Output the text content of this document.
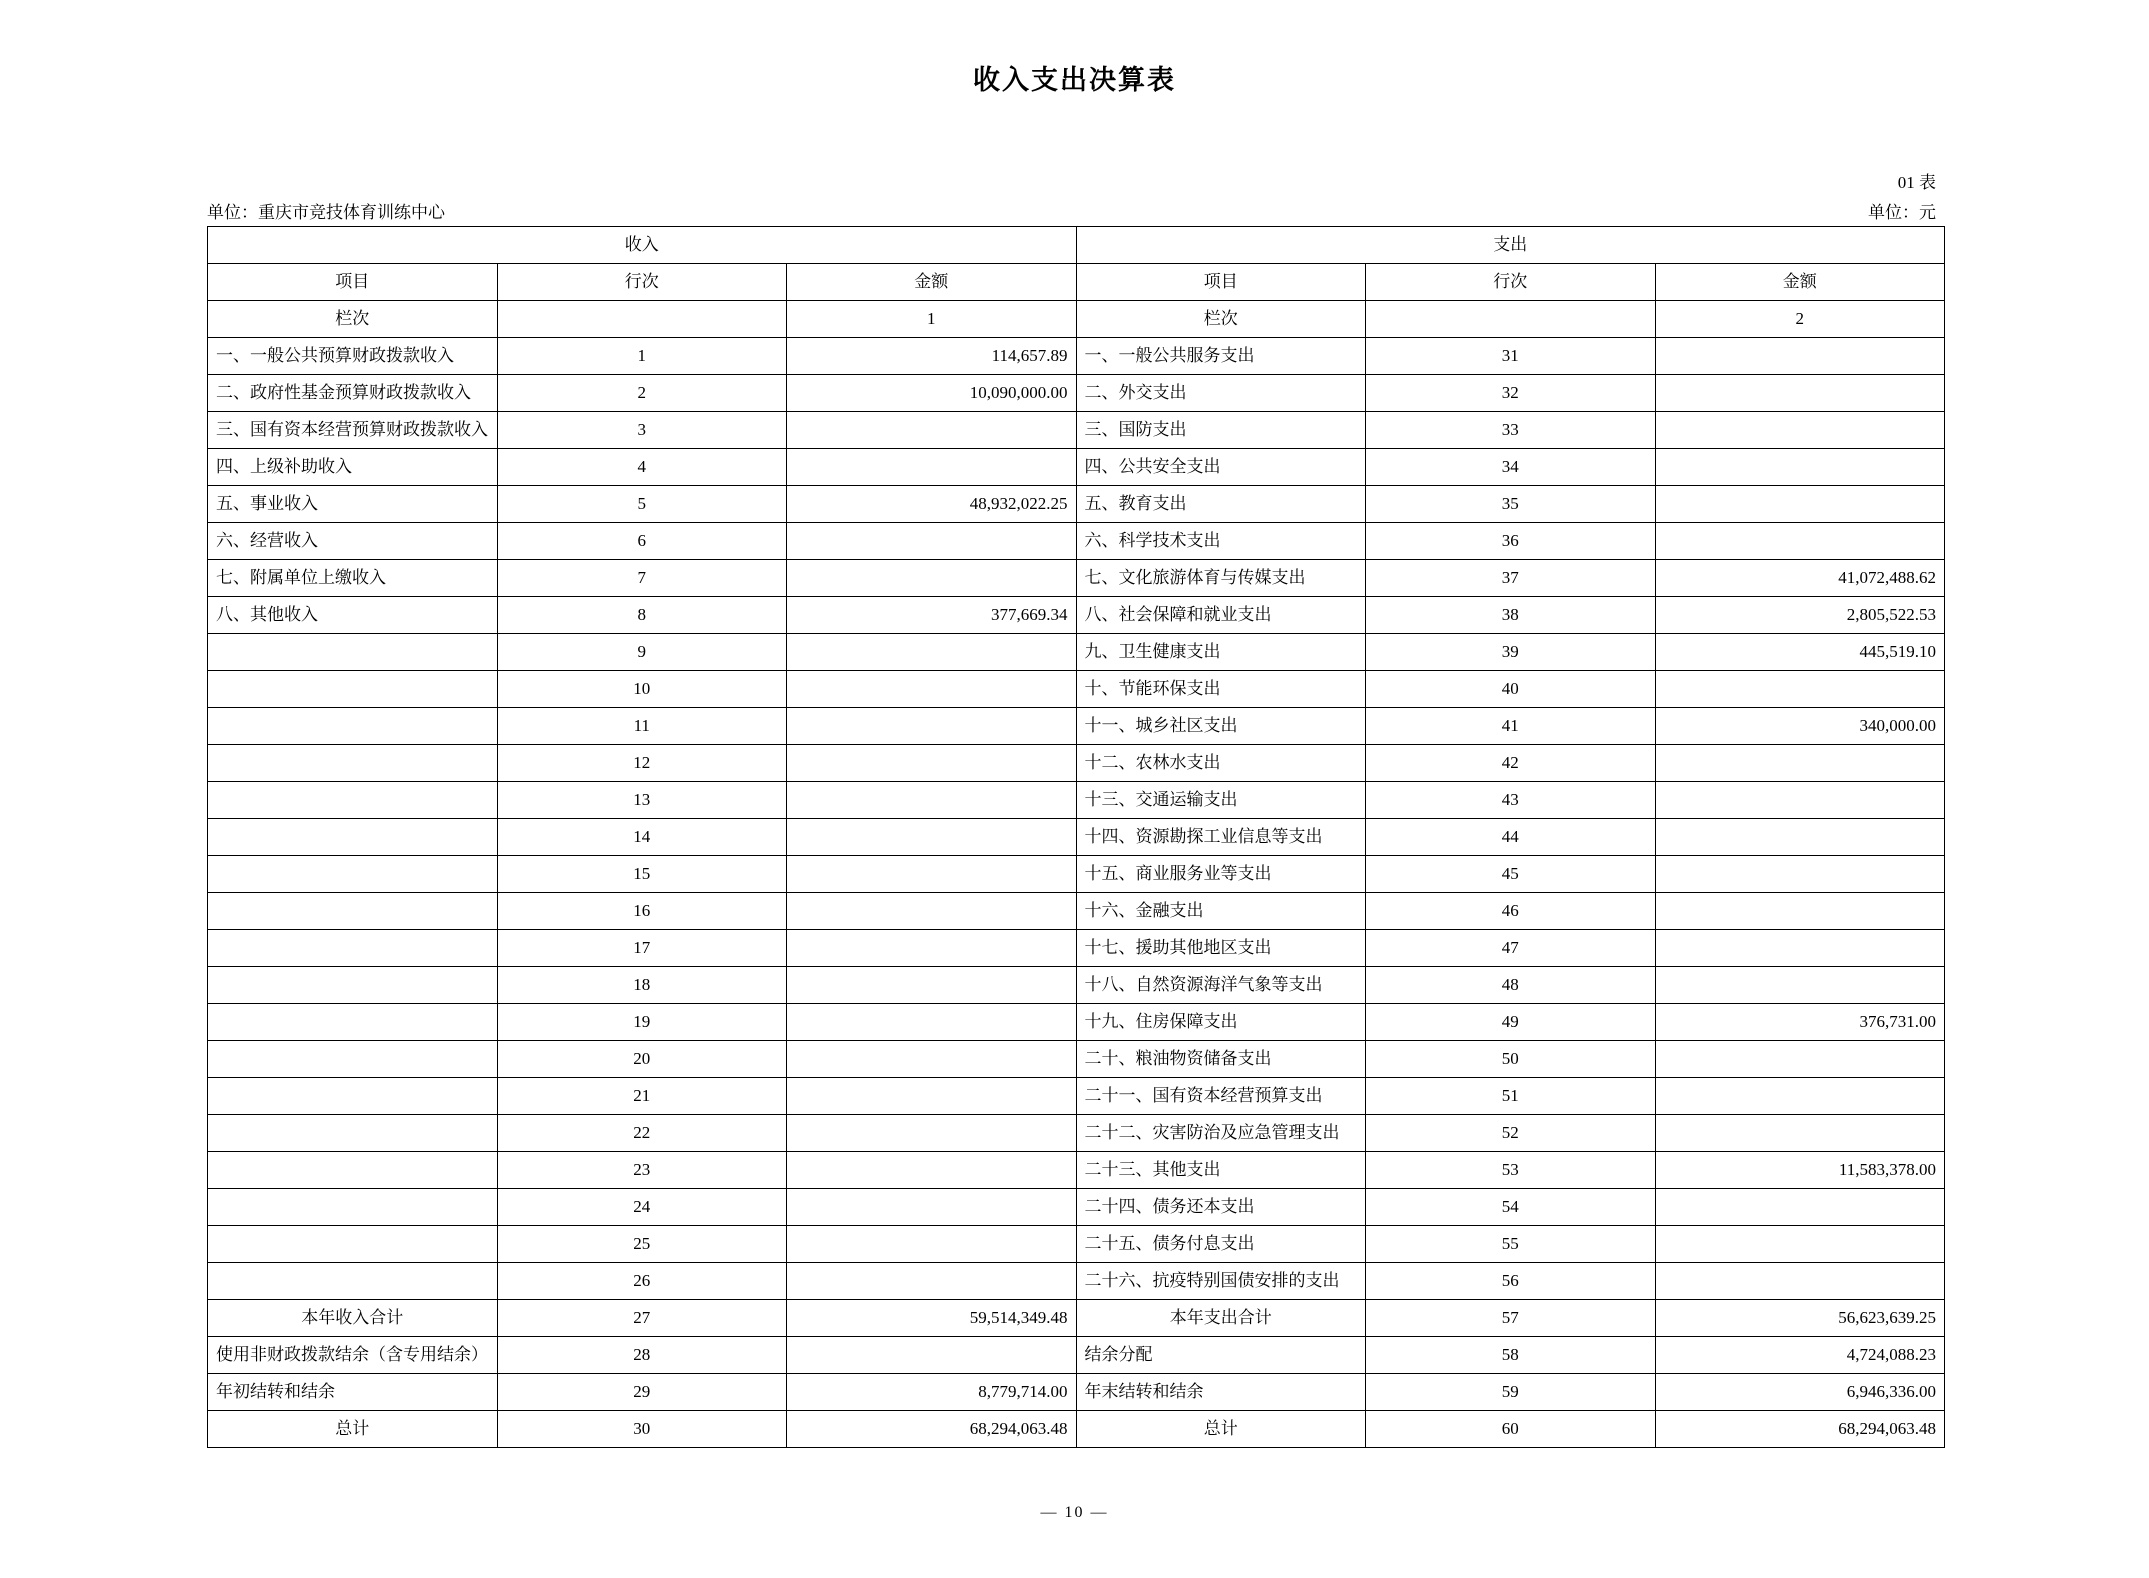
收入支出决算表
01 表
单位：元
单位：重庆市竞技体育训练中心
收入			支出		
项目	行次	金额	项目	行次	金额
栏次		1	栏次		2
一、一般公共预算财政拨款收入	1	114,657.89	一、一般公共服务支出	31	
二、政府性基金预算财政拨款收入	2	10,090,000.00	二、外交支出	32	
三、国有资本经营预算财政拨款收入	3		三、国防支出	33	
四、上级补助收入	4		四、公共安全支出	34	
五、事业收入	5	48,932,022.25	五、教育支出	35	
六、经营收入	6		六、科学技术支出	36	
七、附属单位上缴收入	7		七、文化旅游体育与传媒支出	37	41,072,488.62
八、其他收入	8	377,669.34	八、社会保障和就业支出	38	2,805,522.53
	9		九、卫生健康支出	39	445,519.10
	10		十、节能环保支出	40	
	11		十一、城乡社区支出	41	340,000.00
	12		十二、农林水支出	42	
	13		十三、交通运输支出	43	
	14		十四、资源勘探工业信息等支出	44	
	15		十五、商业服务业等支出	45	
	16		十六、金融支出	46	
	17		十七、援助其他地区支出	47	
	18		十八、自然资源海洋气象等支出	48	
	19		十九、住房保障支出	49	376,731.00
	20		二十、粮油物资储备支出	50	
	21		二十一、国有资本经营预算支出	51	
	22		二十二、灾害防治及应急管理支出	52	
	23		二十三、其他支出	53	11,583,378.00
	24		二十四、债务还本支出	54	
	25		二十五、债务付息支出	55	
	26		二十六、抗疫特别国债安排的支出	56	
本年收入合计	27	59,514,349.48	本年支出合计	57	56,623,639.25
使用非财政拨款结余（含专用结余）	28		结余分配	58	4,724,088.23
年初结转和结余	29	8,779,714.00	年末结转和结余	59	6,946,336.00
总计	30	68,294,063.48	总计	60	68,294,063.48
— 10 —
